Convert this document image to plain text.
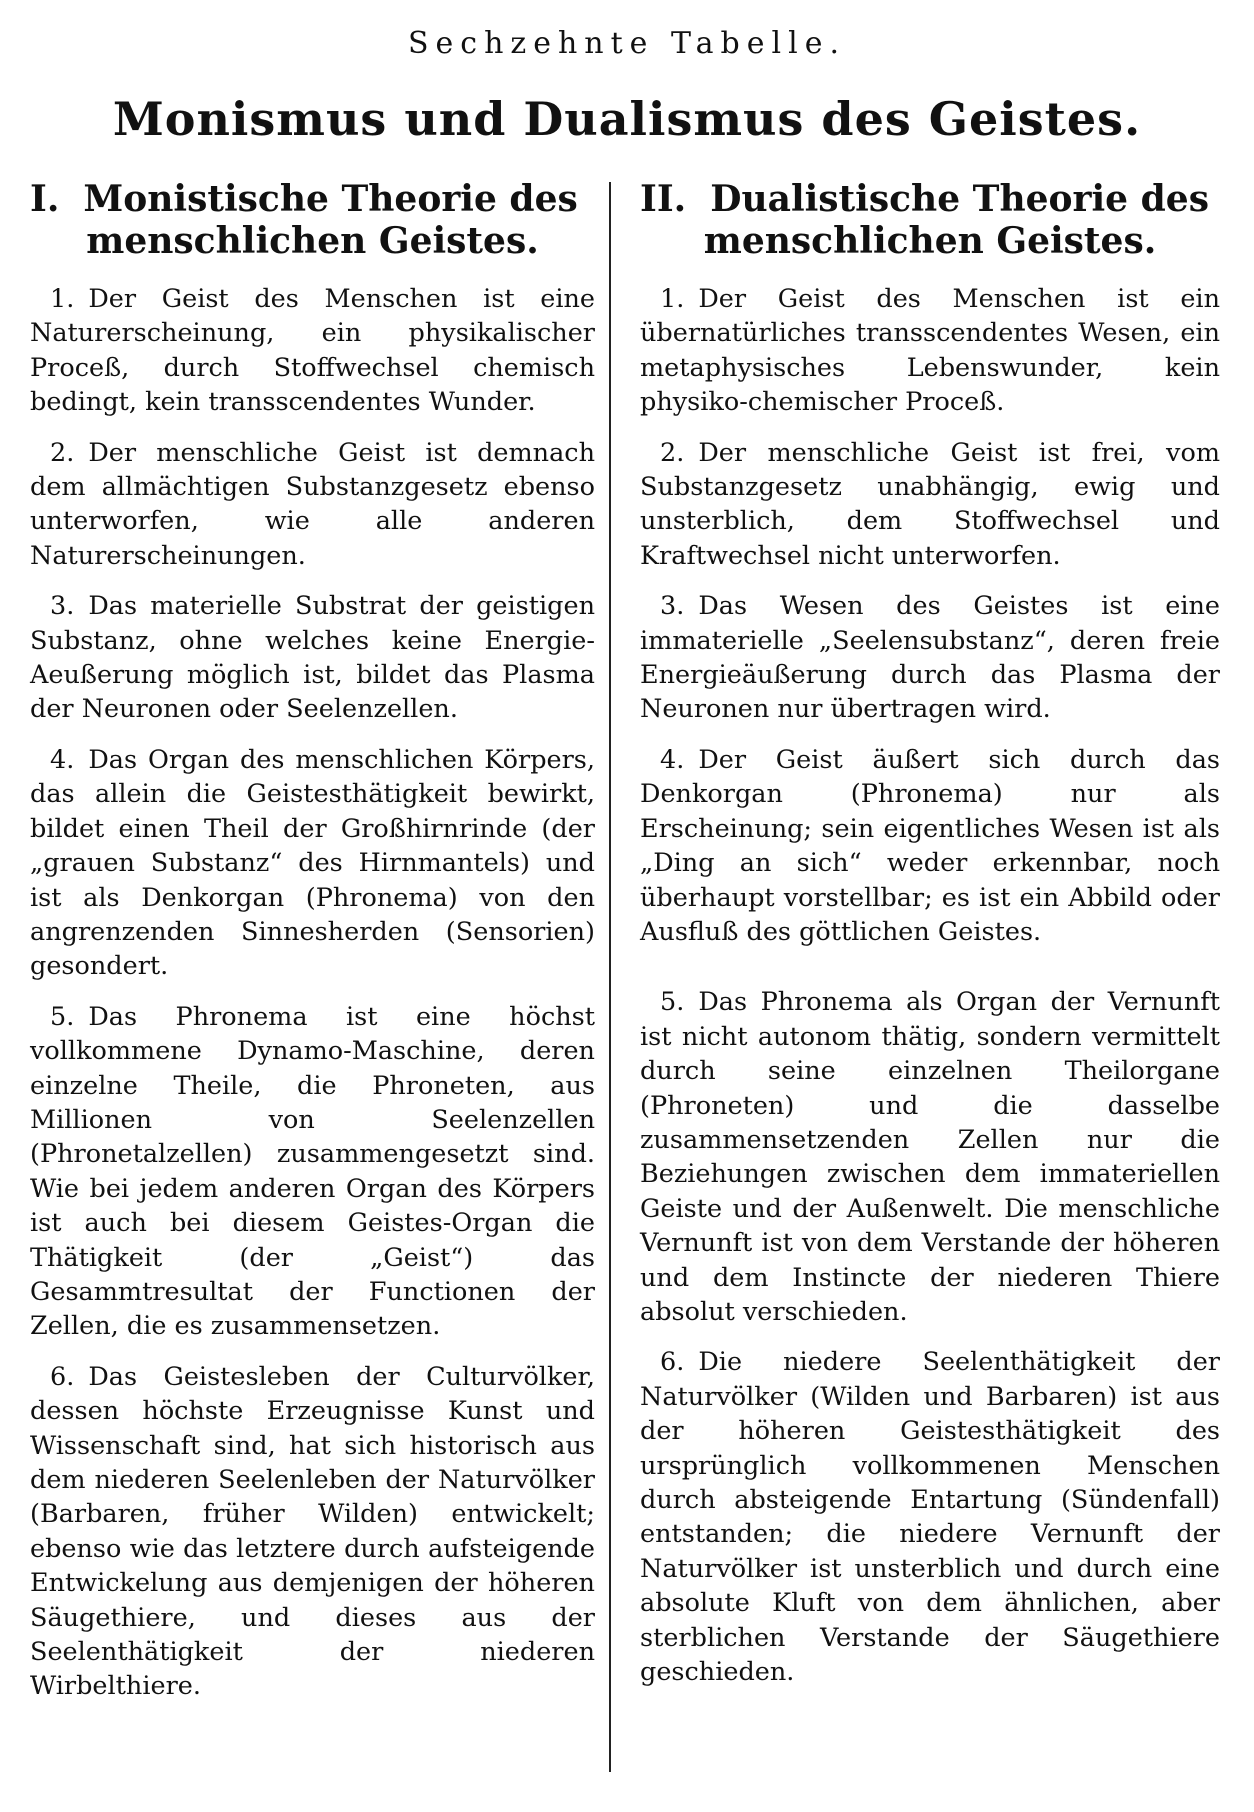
Sechzehnte Tabelle.
Monismus und Dualismus des Geistes.
I. Monistische Theorie des
menschlichen Geistes.

1. Der Geist des Menschen ist eine Naturerscheinung, ein physikalischer Proceß, durch Stoffwechsel chemisch bedingt, kein transscendentes Wunder.

2. Der menschliche Geist ist demnach dem allmächtigen Substanzgesetz ebenso unterworfen, wie alle anderen Naturerscheinungen.

3. Das materielle Substrat der geistigen Substanz, ohne welches keine Energie-Aeußerung möglich ist, bildet das Plasma der Neuronen oder Seelenzellen.

4. Das Organ des menschlichen Körpers, das allein die Geistesthätigkeit bewirkt, bildet einen Theil der Großhirnrinde (der „grauen Substanz“ des Hirnmantels) und ist als Denkorgan (Phronema) von den angrenzenden Sinnesherden (Sensorien) gesondert.

5. Das Phronema ist eine höchst vollkommene Dynamo-Maschine, deren einzelne Theile, die Phroneten, aus Millionen von Seelenzellen (Phronetalzellen) zusammengesetzt sind. Wie bei jedem anderen Organ des Körpers ist auch bei diesem Geistes-Organ die Thätigkeit (der „Geist“) das Gesammtresultat der Functionen der Zellen, die es zusammensetzen.

6. Das Geistesleben der Culturvölker, dessen höchste Erzeugnisse Kunst und Wissenschaft sind, hat sich historisch aus dem niederen Seelenleben der Naturvölker (Barbaren, früher Wilden) entwickelt; ebenso wie das letztere durch aufsteigende Entwickelung aus demjenigen der höheren Säugethiere, und dieses aus der Seelenthätigkeit der niederen Wirbelthiere.

II. Dualistische Theorie des
menschlichen Geistes.

1. Der Geist des Menschen ist ein übernatürliches transscendentes Wesen, ein metaphysisches Lebenswunder, kein physiko-chemischer Proceß.

2. Der menschliche Geist ist frei, vom Substanzgesetz unabhängig, ewig und unsterblich, dem Stoffwechsel und Kraftwechsel nicht unterworfen.

3. Das Wesen des Geistes ist eine immaterielle „Seelensubstanz“, deren freie Energieäußerung durch das Plasma der Neuronen nur übertragen wird.

4. Der Geist äußert sich durch das Denkorgan (Phronema) nur als Erscheinung; sein eigentliches Wesen ist als „Ding an sich“ weder erkennbar, noch überhaupt vorstellbar; es ist ein Abbild oder Ausfluß des göttlichen Geistes.

5. Das Phronema als Organ der Vernunft ist nicht autonom thätig, sondern vermittelt durch seine einzelnen Theilorgane (Phroneten) und die dasselbe zusammensetzenden Zellen nur die Beziehungen zwischen dem immateriellen Geiste und der Außenwelt. Die menschliche Vernunft ist von dem Verstande der höheren und dem Instincte der niederen Thiere absolut verschieden.

6. Die niedere Seelenthätigkeit der Naturvölker (Wilden und Barbaren) ist aus der höheren Geistesthätigkeit des ursprünglich vollkommenen Menschen durch absteigende Entartung (Sündenfall) entstanden; die niedere Vernunft der Naturvölker ist unsterblich und durch eine absolute Kluft von dem ähnlichen, aber sterblichen Verstande der Säugethiere geschieden.
